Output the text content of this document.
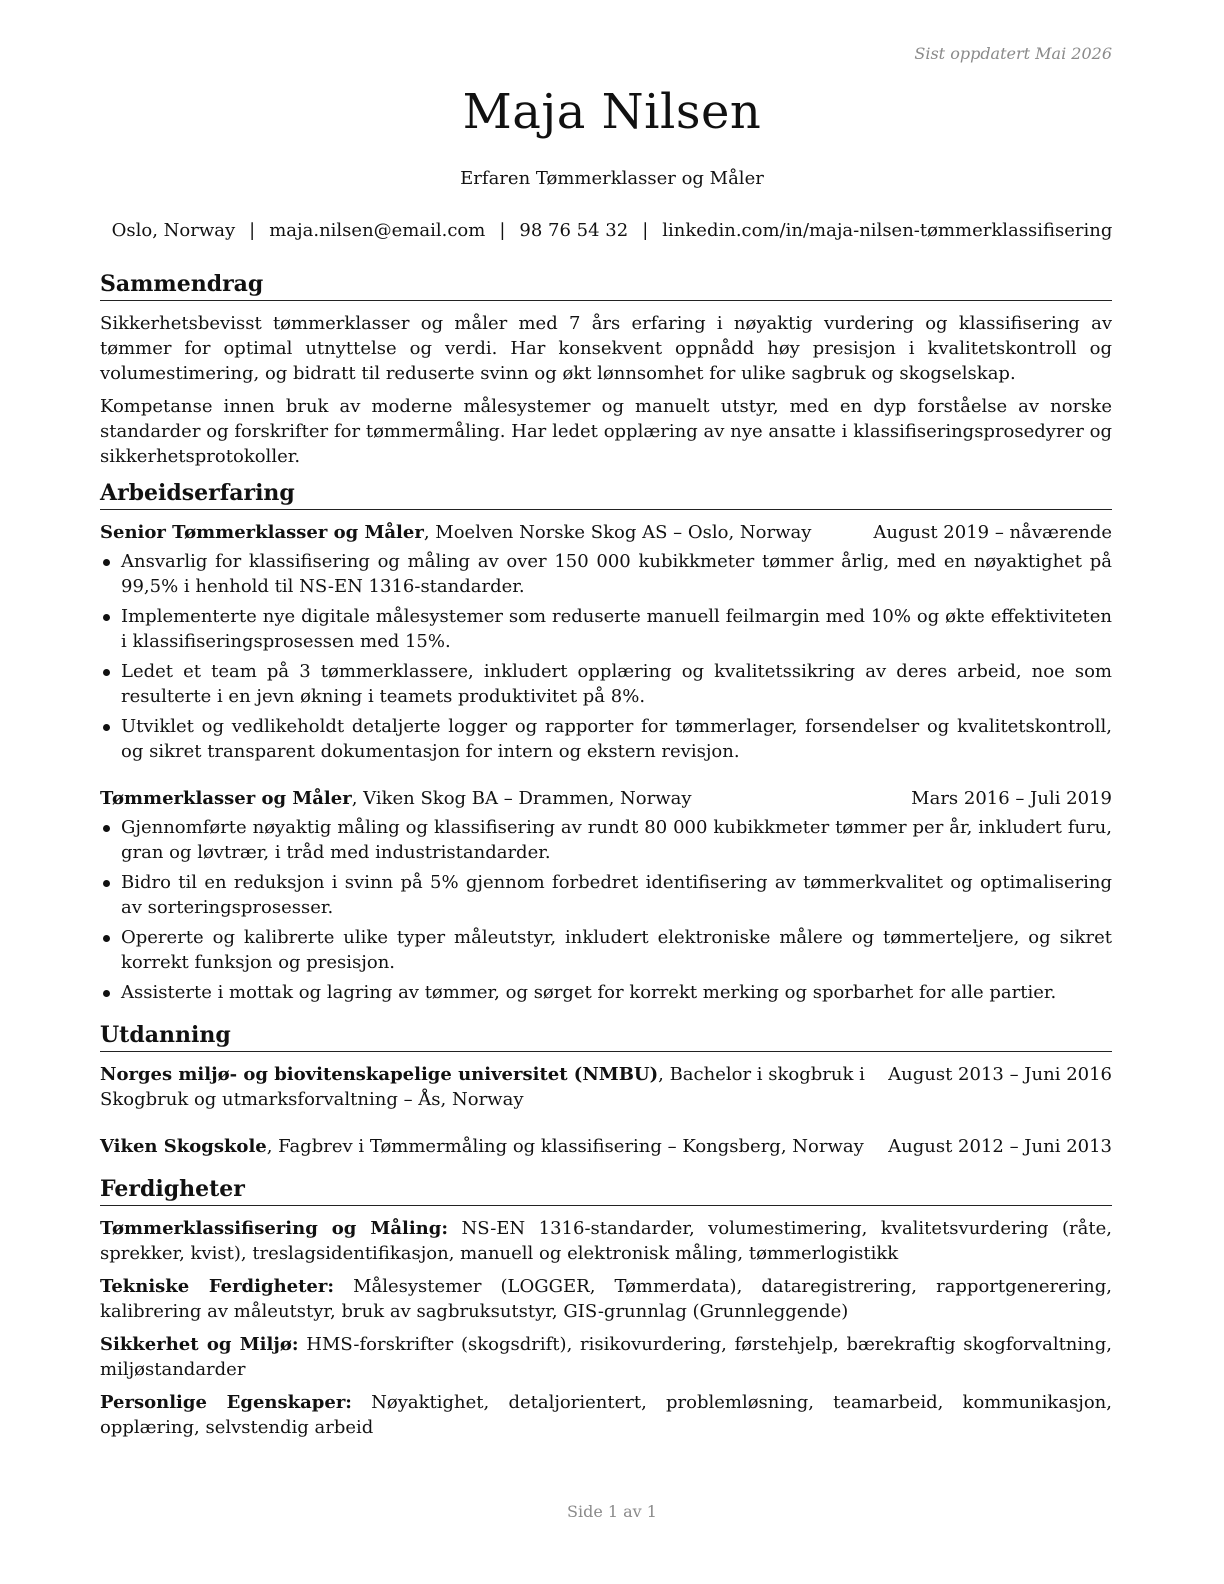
Sist oppdatert Mai 2026
Maja Nilsen
Erfaren Tømmerklasser og Måler
Oslo, Norway | maja.nilsen@email.com | 98 76 54 32 | linkedin.com/in/maja-nilsen-tømmerklassifisering
Sammendrag

Sikkerhetsbevisst tømmerklasser og måler med 7 års erfaring i nøyaktig vurdering og klassifisering av tømmer for optimal utnyttelse og verdi. Har konsekvent oppnådd høy presisjon i kvalitetskontroll og volumestimering, og bidratt til reduserte svinn og økt lønnsomhet for ulike sagbruk og skogselskap.

Kompetanse innen bruk av moderne målesystemer og manuelt utstyr, med en dyp forståelse av norske standarder og forskrifter for tømmermåling. Har ledet opplæring av nye ansatte i klassifiseringsprosedyrer og sikkerhetsprotokoller.

Arbeidserfaring
Senior Tømmerklasser og Måler, Moelven Norske Skog AS – Oslo, Norway	August 2019 – nåværende
Ansvarlig for klassifisering og måling av over 150 000 kubikkmeter tømmer årlig, med en nøyaktighet på 99,5% i henhold til NS-EN 1316-standarder.
Implementerte nye digitale målesystemer som reduserte manuell feilmargin med 10% og økte effektiviteten i klassifiseringsprosessen med 15%.
Ledet et team på 3 tømmerklassere, inkludert opplæring og kvalitetssikring av deres arbeid, noe som resulterte i en jevn økning i teamets produktivitet på 8%.
Utviklet og vedlikeholdt detaljerte logger og rapporter for tømmerlager, forsendelser og kvalitetskontroll, og sikret transparent dokumentasjon for intern og ekstern revisjon.
Tømmerklasser og Måler, Viken Skog BA – Drammen, Norway	Mars 2016 – Juli 2019
Gjennomførte nøyaktig måling og klassifisering av rundt 80 000 kubikkmeter tømmer per år, inkludert furu, gran og løvtrær, i tråd med industristandarder.
Bidro til en reduksjon i svinn på 5% gjennom forbedret identifisering av tømmerkvalitet og optimalisering av sorteringsprosesser.
Opererte og kalibrerte ulike typer måleutstyr, inkludert elektroniske målere og tømmerteljere, og sikret korrekt funksjon og presisjon.
Assisterte i mottak og lagring av tømmer, og sørget for korrekt merking og sporbarhet for alle partier.
Utdanning
Norges miljø- og biovitenskapelige universitet (NMBU), Bachelor i skogbruk i Skogbruk og utmarksforvaltning – Ås, Norway
August 2013 – Juni 2016
Viken Skogskole, Fagbrev i Tømmermåling og klassifisering – Kongsberg, Norway	August 2012 – Juni 2013
Ferdigheter

Tømmerklassifisering og Måling: NS-EN 1316-standarder, volumestimering, kvalitetsvurdering (råte, sprekker, kvist), treslagsidentifikasjon, manuell og elektronisk måling, tømmerlogistikk

Tekniske Ferdigheter: Målesystemer (LOGGER, Tømmerdata), dataregistrering, rapportgenerering, kalibrering av måleutstyr, bruk av sagbruksutstyr, GIS-grunnlag (Grunnleggende)

Sikkerhet og Miljø: HMS-forskrifter (skogsdrift), risikovurdering, førstehjelp, bærekraftig skogforvaltning, miljøstandarder

Personlige Egenskaper: Nøyaktighet, detaljorientert, problemløsning, teamarbeid, kommunikasjon, opplæring, selvstendig arbeid

Side 1 av 1
